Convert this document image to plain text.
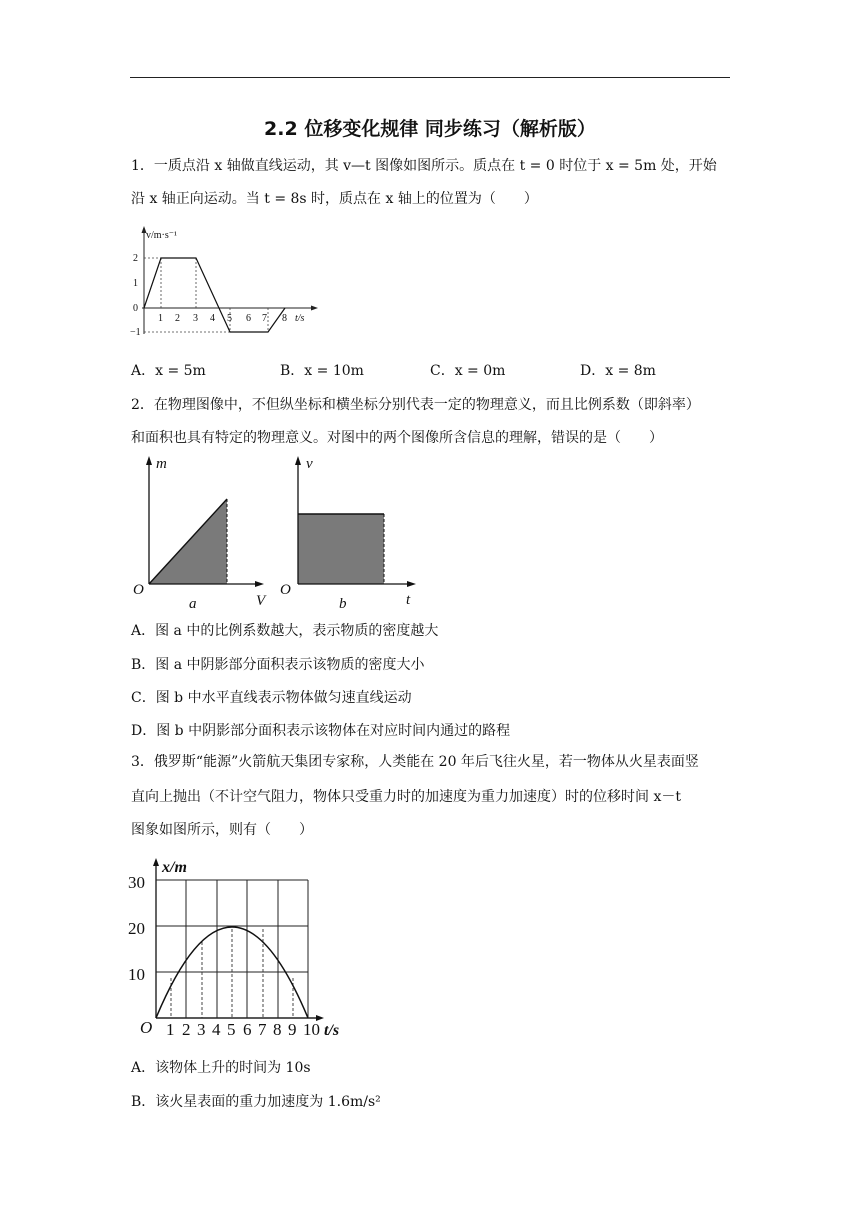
2.2 位移变化规律 同步练习（解析版）
1．一质点沿 x 轴做直线运动，其 v—t 图像如图所示。质点在 t = 0 时位于 x = 5m 处，开始
沿 x 轴正向运动。当 t = 8s 时，质点在 x 轴上的位置为（　　）
v/m·s⁻¹
t/s
2
1
0
−1
1 2 3 4 5 6 7 8
A．x = 5m	B．x = 10m	C．x = 0m	D．x = 8m
2．在物理图像中，不但纵坐标和横坐标分别代表一定的物理意义，而且比例系数（即斜率）
和面积也具有特定的物理意义。对图中的两个图像所含信息的理解，错误的是（　　）
m
V
O
a
v
t
O
b
A．图 a 中的比例系数越大，表示物质的密度越大
B．图 a 中阴影部分面积表示该物质的密度大小
C．图 b 中水平直线表示物体做匀速直线运动
D．图 b 中阴影部分面积表示该物体在对应时间内通过的路程
3．俄罗斯“能源”火箭航天集团专家称，人类能在 20 年后飞往火星，若一物体从火星表面竖
直向上抛出（不计空气阻力，物体只受重力时的加速度为重力加速度）时的位移时间 x－t
图象如图所示，则有（　　）
x/m
30
20
10
O 1 2 3 4 5 6 7 8 9 10 t/s
A．该物体上升的时间为 10s
B．该火星表面的重力加速度为 1.6m/s²
